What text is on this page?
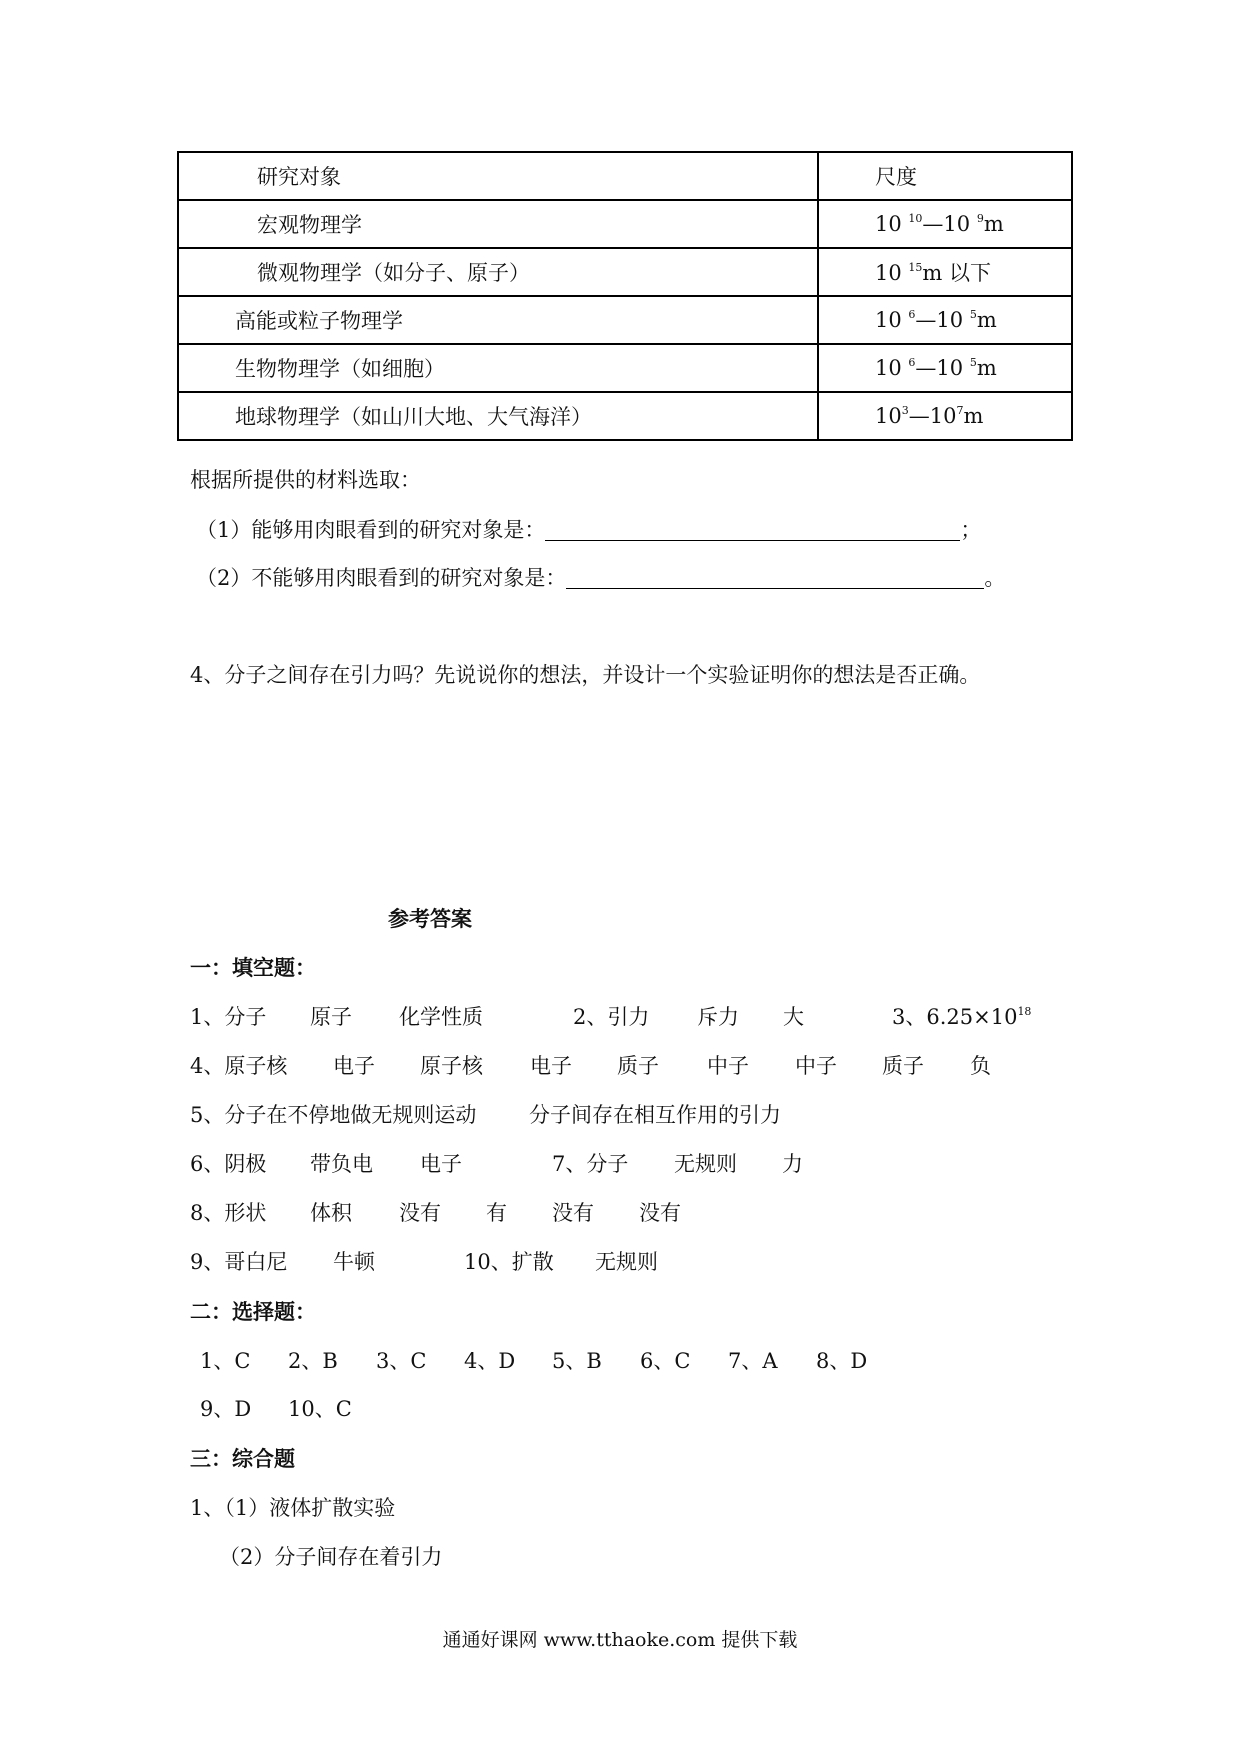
研究对象	尺度
宏观物理学	10 $^{10}$—10 $^9$m
微观物理学（如分子、原子）	10 $^{15}$m 以下
高能或粒子物理学	10 $^6$—10 $^5$m
生物物理学（如细胞）	10 $^6$—10 $^5$m
地球物理学（如山川大地、大气海洋）	$10^3—10^7m$
根据所提供的材料选取：
（1）能够用肉眼看到的研究对象是：	；
（2）不能够用肉眼看到的研究对象是：	。
4、分子之间存在引力吗？先说说你的想法，并设计一个实验证明你的想法是否正确。
参考答案
一：填空题：
1、分子 原子 化学性质	2、引力 斥力 大	3、$6.25\times 10^{18}$
4、原子核 电子 原子核 电子 质子 中子 中子 质子 负
5、分子在不停地做无规则运动	分子间存在相互作用的引力
6、阴极 带负电 电子	7、分子 无规则 力
8、形状 体积 没有 有 没有 没有
9、哥白尼 牛顿	10、扩散 无规则
二：选择题：
1、C 2、B 3、C 4、D 5、B 6、C 7、A 8、D
9、D 10、C
三：综合题
1、（1）液体扩散实验
（2）分子间存在着引力
通通好课网 www.tthaoke.com 提供下载
